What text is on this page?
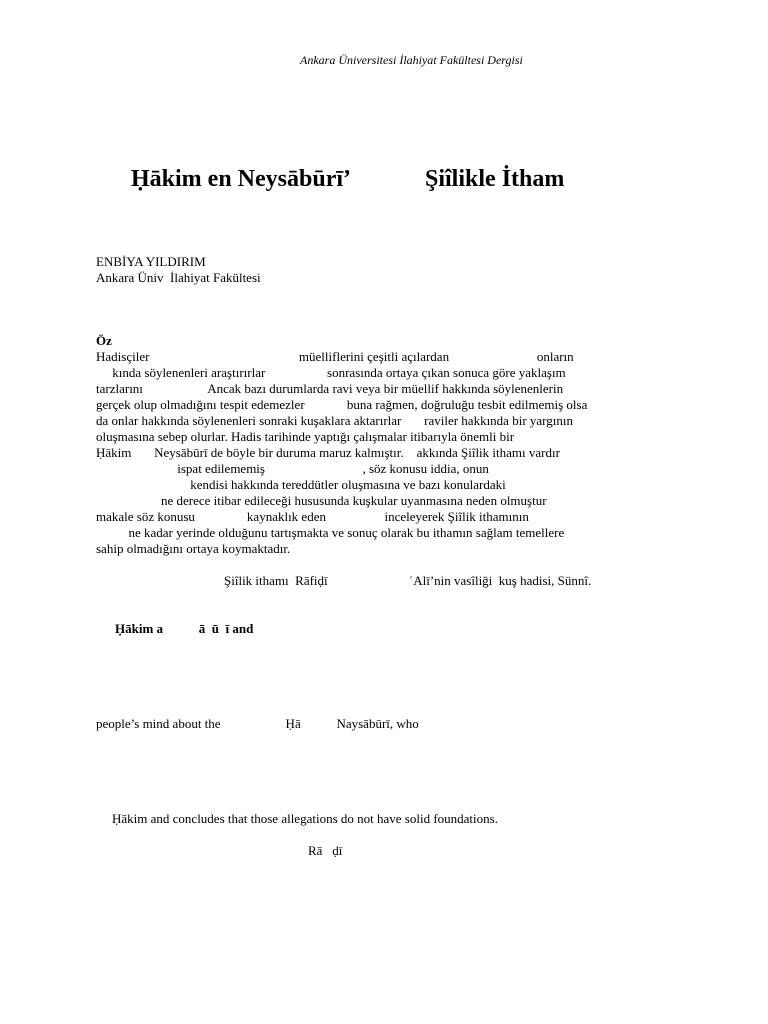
Ankara Üniversitesi İlahiyat Fakültesi Dergisi
Ḥākim en Neysābūrī’	Şiîlikle İtham
ENBİYA YILDIRIM
Ankara Üniv  İlahiyat Fakültesi
Öz
Hadisçiler                                              müelliflerini çeşitli açılardan                           onların
kında söylenenleri araştırırlar                   sonrasında ortaya çıkan sonuca göre yaklaşım
tarzlarını                    Ancak bazı durumlarda ravi veya bir müellif hakkında söylenenlerin
gerçek olup olmadığını tespit edemezler             buna rağmen, doğruluğu tesbit edilmemiş olsa
da onlar hakkında söylenenleri sonraki kuşaklara aktarırlar       raviler hakkında bir yargının
oluşmasına sebep olurlar. Hadis tarihinde yaptığı çalışmalar itibarıyla önemli bir
Ḥākim       Neysābūrī de böyle bir duruma maruz kalmıştır.    akkında Şiîlik ithamı vardır
ispat edilememiş                              , söz konusu iddia, onun
kendisi hakkında tereddütler oluşmasına ve bazı konulardaki
ne derece itibar edileceği hususunda kuşkular uyanmasına neden olmuştur
makale söz konusu                kaynaklık eden                  inceleyerek Şiîlik ithamının
ne kadar yerinde olduğunu tartışmakta ve sonuç olarak bu ithamın sağlam temellere
sahip olmadığını ortaya koymaktadır.
Şiîlik ithamı  Rāfiḍī                         ʿAlī’nin vasîliği  kuş hadisi, Sünnî.
Ḥākim a           ā  ū  ī and
people’s mind about the                    Ḥā           Naysābūrī, who
Ḥākim and concludes that those allegations do not have solid foundations.
Rā   ḍī
